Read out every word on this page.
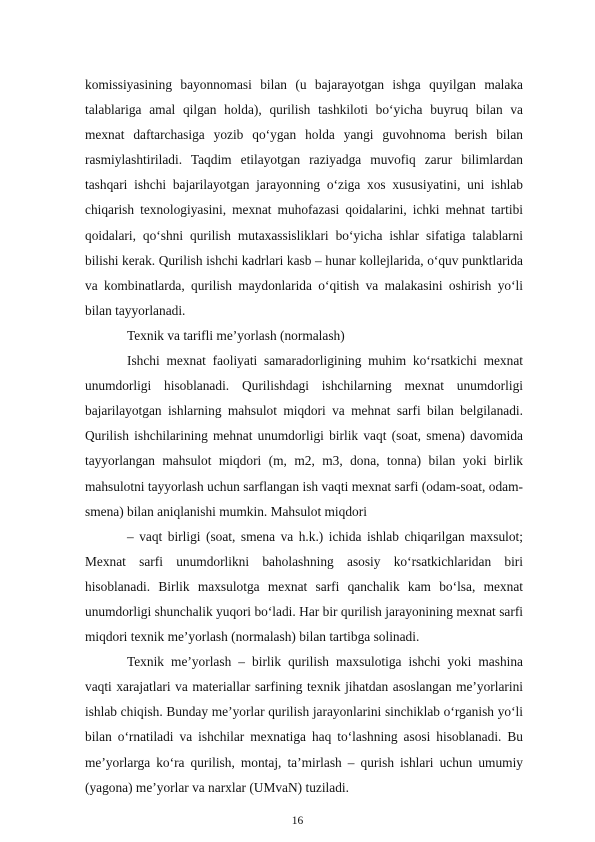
komissiyasining bayonnomasi bilan (u bajarayotgan ishga quyilgan malaka talablariga amal qilgan holda), qurilish tashkiloti bo‘yicha buyruq bilan va mexnat daftarchasiga yozib qo‘ygan holda yangi guvohnoma berish bilan rasmiylashtiriladi. Taqdim etilayotgan raziyadga muvofiq zarur bilimlardan tashqari ishchi bajarilayotgan jarayonning o‘ziga xos xususiyatini, uni ishlab chiqarish texnologiyasini, mexnat muhofazasi qoidalarini, ichki mehnat tartibi qoidalari, qo‘shni qurilish mutaxassisliklari bo‘yicha ishlar sifatiga talablarni bilishi kerak. Qurilish ishchi kadrlari kasb – hunar kollejlarida, o‘quv punktlarida va kombinatlarda, qurilish maydonlarida o‘qitish va malakasini oshirish yo‘li bilan tayyorlanadi.

Texnik va tarifli me’yorlash (normalash)

Ishchi mexnat faoliyati samaradorligining muhim ko‘rsatkichi mexnat unumdorligi hisoblanadi. Qurilishdagi ishchilarning mexnat unumdorligi bajarilayotgan ishlarning mahsulot miqdori va mehnat sarfi bilan belgilanadi. Qurilish ishchilarining mehnat unumdorligi birlik vaqt (soat, smena) davomida tayyorlangan mahsulot miqdori (m, m2, m3, dona, tonna) bilan yoki birlik mahsulotni tayyorlash uchun sarflangan ish vaqti mexnat sarfi (odam-soat, odam-smena) bilan aniqlanishi mumkin. Mahsulot miqdori

– vaqt birligi (soat, smena va h.k.) ichida ishlab chiqarilgan maxsulot; Mexnat sarfi unumdorlikni baholashning asosiy ko‘rsatkichlaridan biri hisoblanadi. Birlik maxsulotga mexnat sarfi qanchalik kam bo‘lsa, mexnat unumdorligi shunchalik yuqori bo‘ladi. Har bir qurilish jarayonining mexnat sarfi miqdori texnik me’yorlash (normalash) bilan tartibga solinadi.

Texnik me’yorlash – birlik qurilish maxsulotiga ishchi yoki mashina vaqti xarajatlari va materiallar sarfining texnik jihatdan asoslangan me’yorlarini ishlab chiqish. Bunday me’yorlar qurilish jarayonlarini sinchiklab o‘rganish yo‘li bilan o‘rnatiladi va ishchilar mexnatiga haq to‘lashning asosi hisoblanadi. Bu me’yorlarga ko‘ra qurilish, montaj, ta’mirlash – qurish ishlari uchun umumiy (yagona) me’yorlar va narxlar (UMvaN) tuziladi.

16
